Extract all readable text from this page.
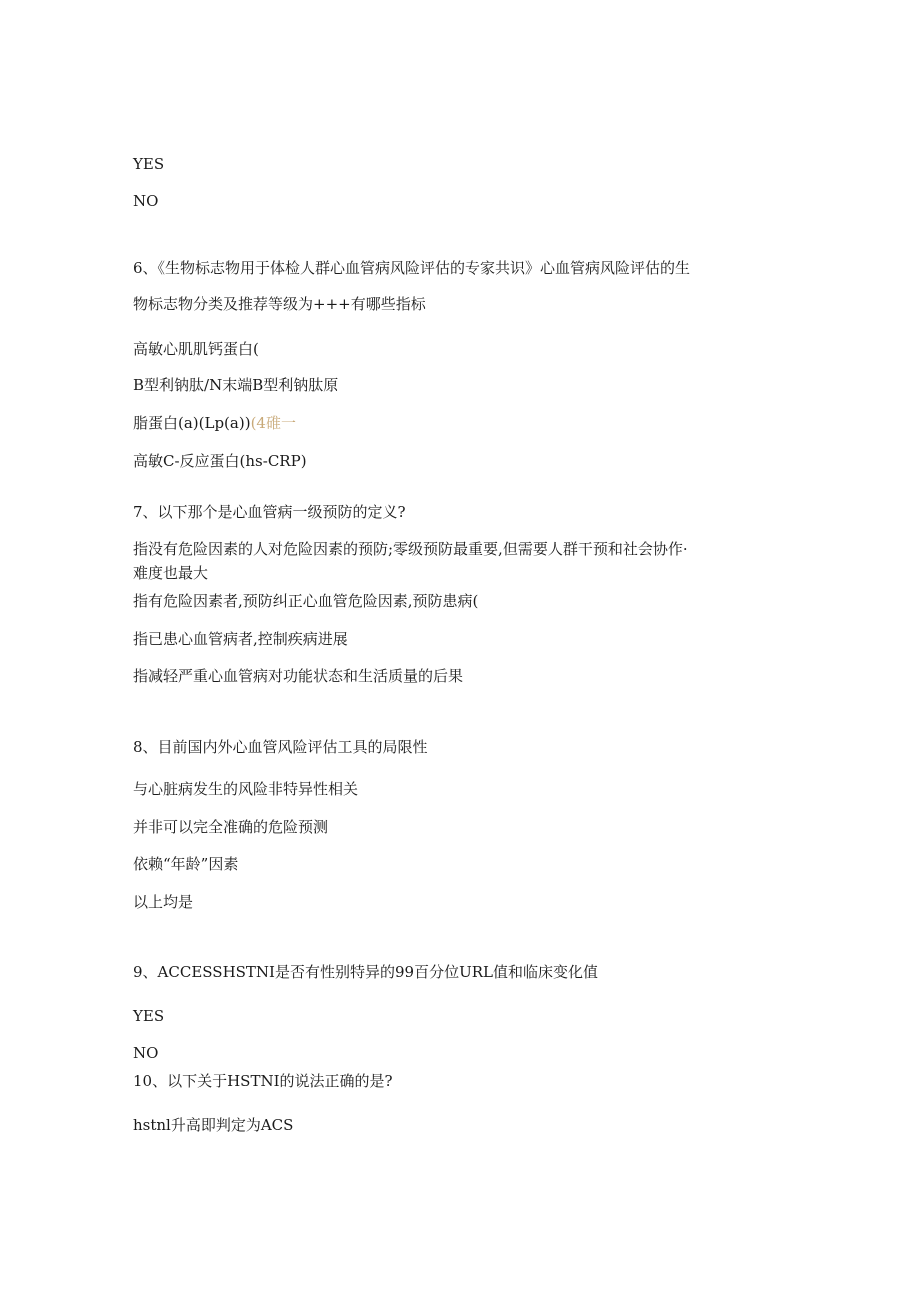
YES
NO
6、《生物标志物用于体检人群心血管病风险评估的专家共识》心血管病风险评估的生
物标志物分类及推荐等级为+++有哪些指标
高敏心肌肌钙蛋白(
B型利钠肽/N末端B型利钠肽原
脂蛋白(a)(Lp(a))(4碓一
高敏C-反应蛋白(hs-CRP)
7、以下那个是心血管病一级预防的定义?
指没有危险因素的人对危险因素的预防;零级预防最重要,但需要人群干预和社会协作·
难度也最大
指有危险因素者,预防纠正心血管危险因素,预防患病(
指已患心血管病者,控制疾病进展
指减轻严重心血管病对功能状态和生活质量的后果
8、目前国内外心血管风险评估工具的局限性
与心脏病发生的风险非特异性相关
并非可以完全准确的危险预测
依赖“年龄”因素
以上均是
9、ACCESSHSTNI是否有性别特异的99百分位URL值和临床变化值
YES
NO
10、以下关于HSTNI的说法正确的是?
hstnl升高即判定为ACS
